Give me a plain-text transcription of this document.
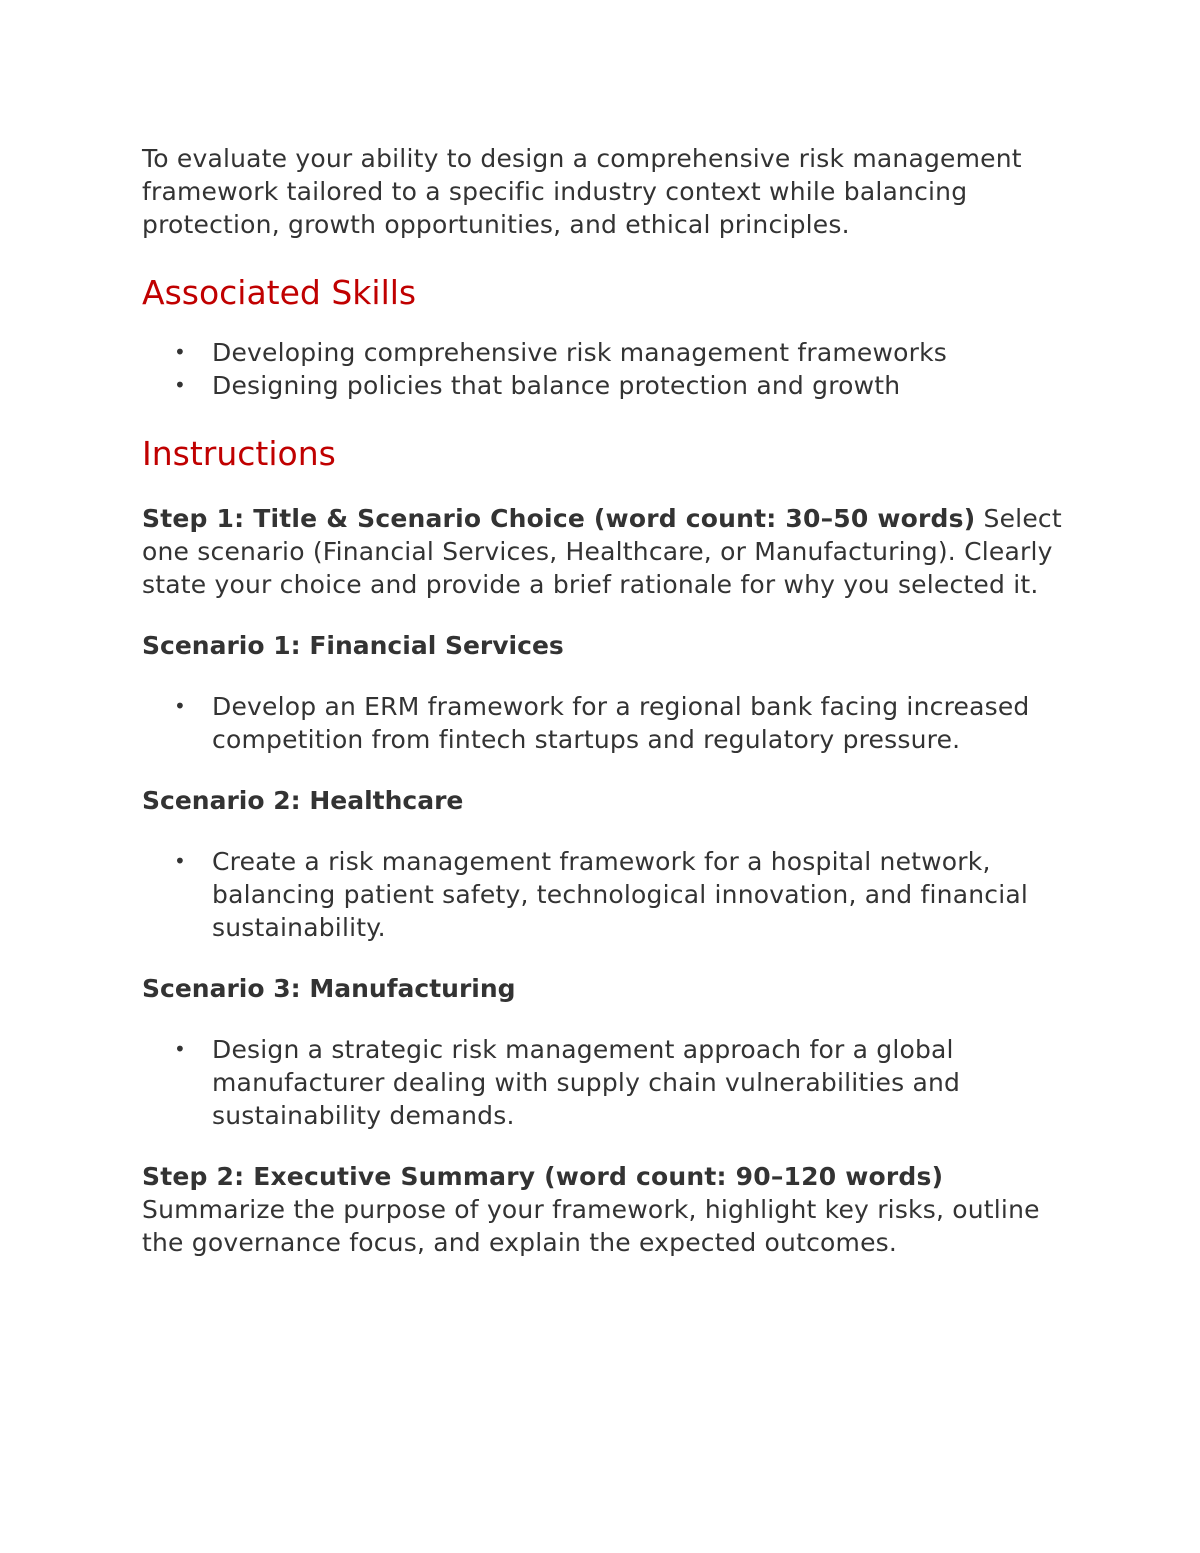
To evaluate your ability to design a comprehensive risk management framework tailored to a specific industry context while balancing protection, growth opportunities, and ethical principles.

Associated Skills
• Developing comprehensive risk management frameworks
• Designing policies that balance protection and growth
Instructions

Step 1: Title & Scenario Choice (word count: 30–50 words) Select one scenario (Financial Services, Healthcare, or Manufacturing). Clearly state your choice and provide a brief rationale for why you selected it.

Scenario 1: Financial Services

• Develop an ERM framework for a regional bank facing increased competition from fintech startups and regulatory pressure.

Scenario 2: Healthcare

• Create a risk management framework for a hospital network, balancing patient safety, technological innovation, and financial sustainability.

Scenario 3: Manufacturing

• Design a strategic risk management approach for a global manufacturer dealing with supply chain vulnerabilities and sustainability demands.

Step 2: Executive Summary (word count: 90–120 words) Summarize the purpose of your framework, highlight key risks, outline the governance focus, and explain the expected outcomes.
